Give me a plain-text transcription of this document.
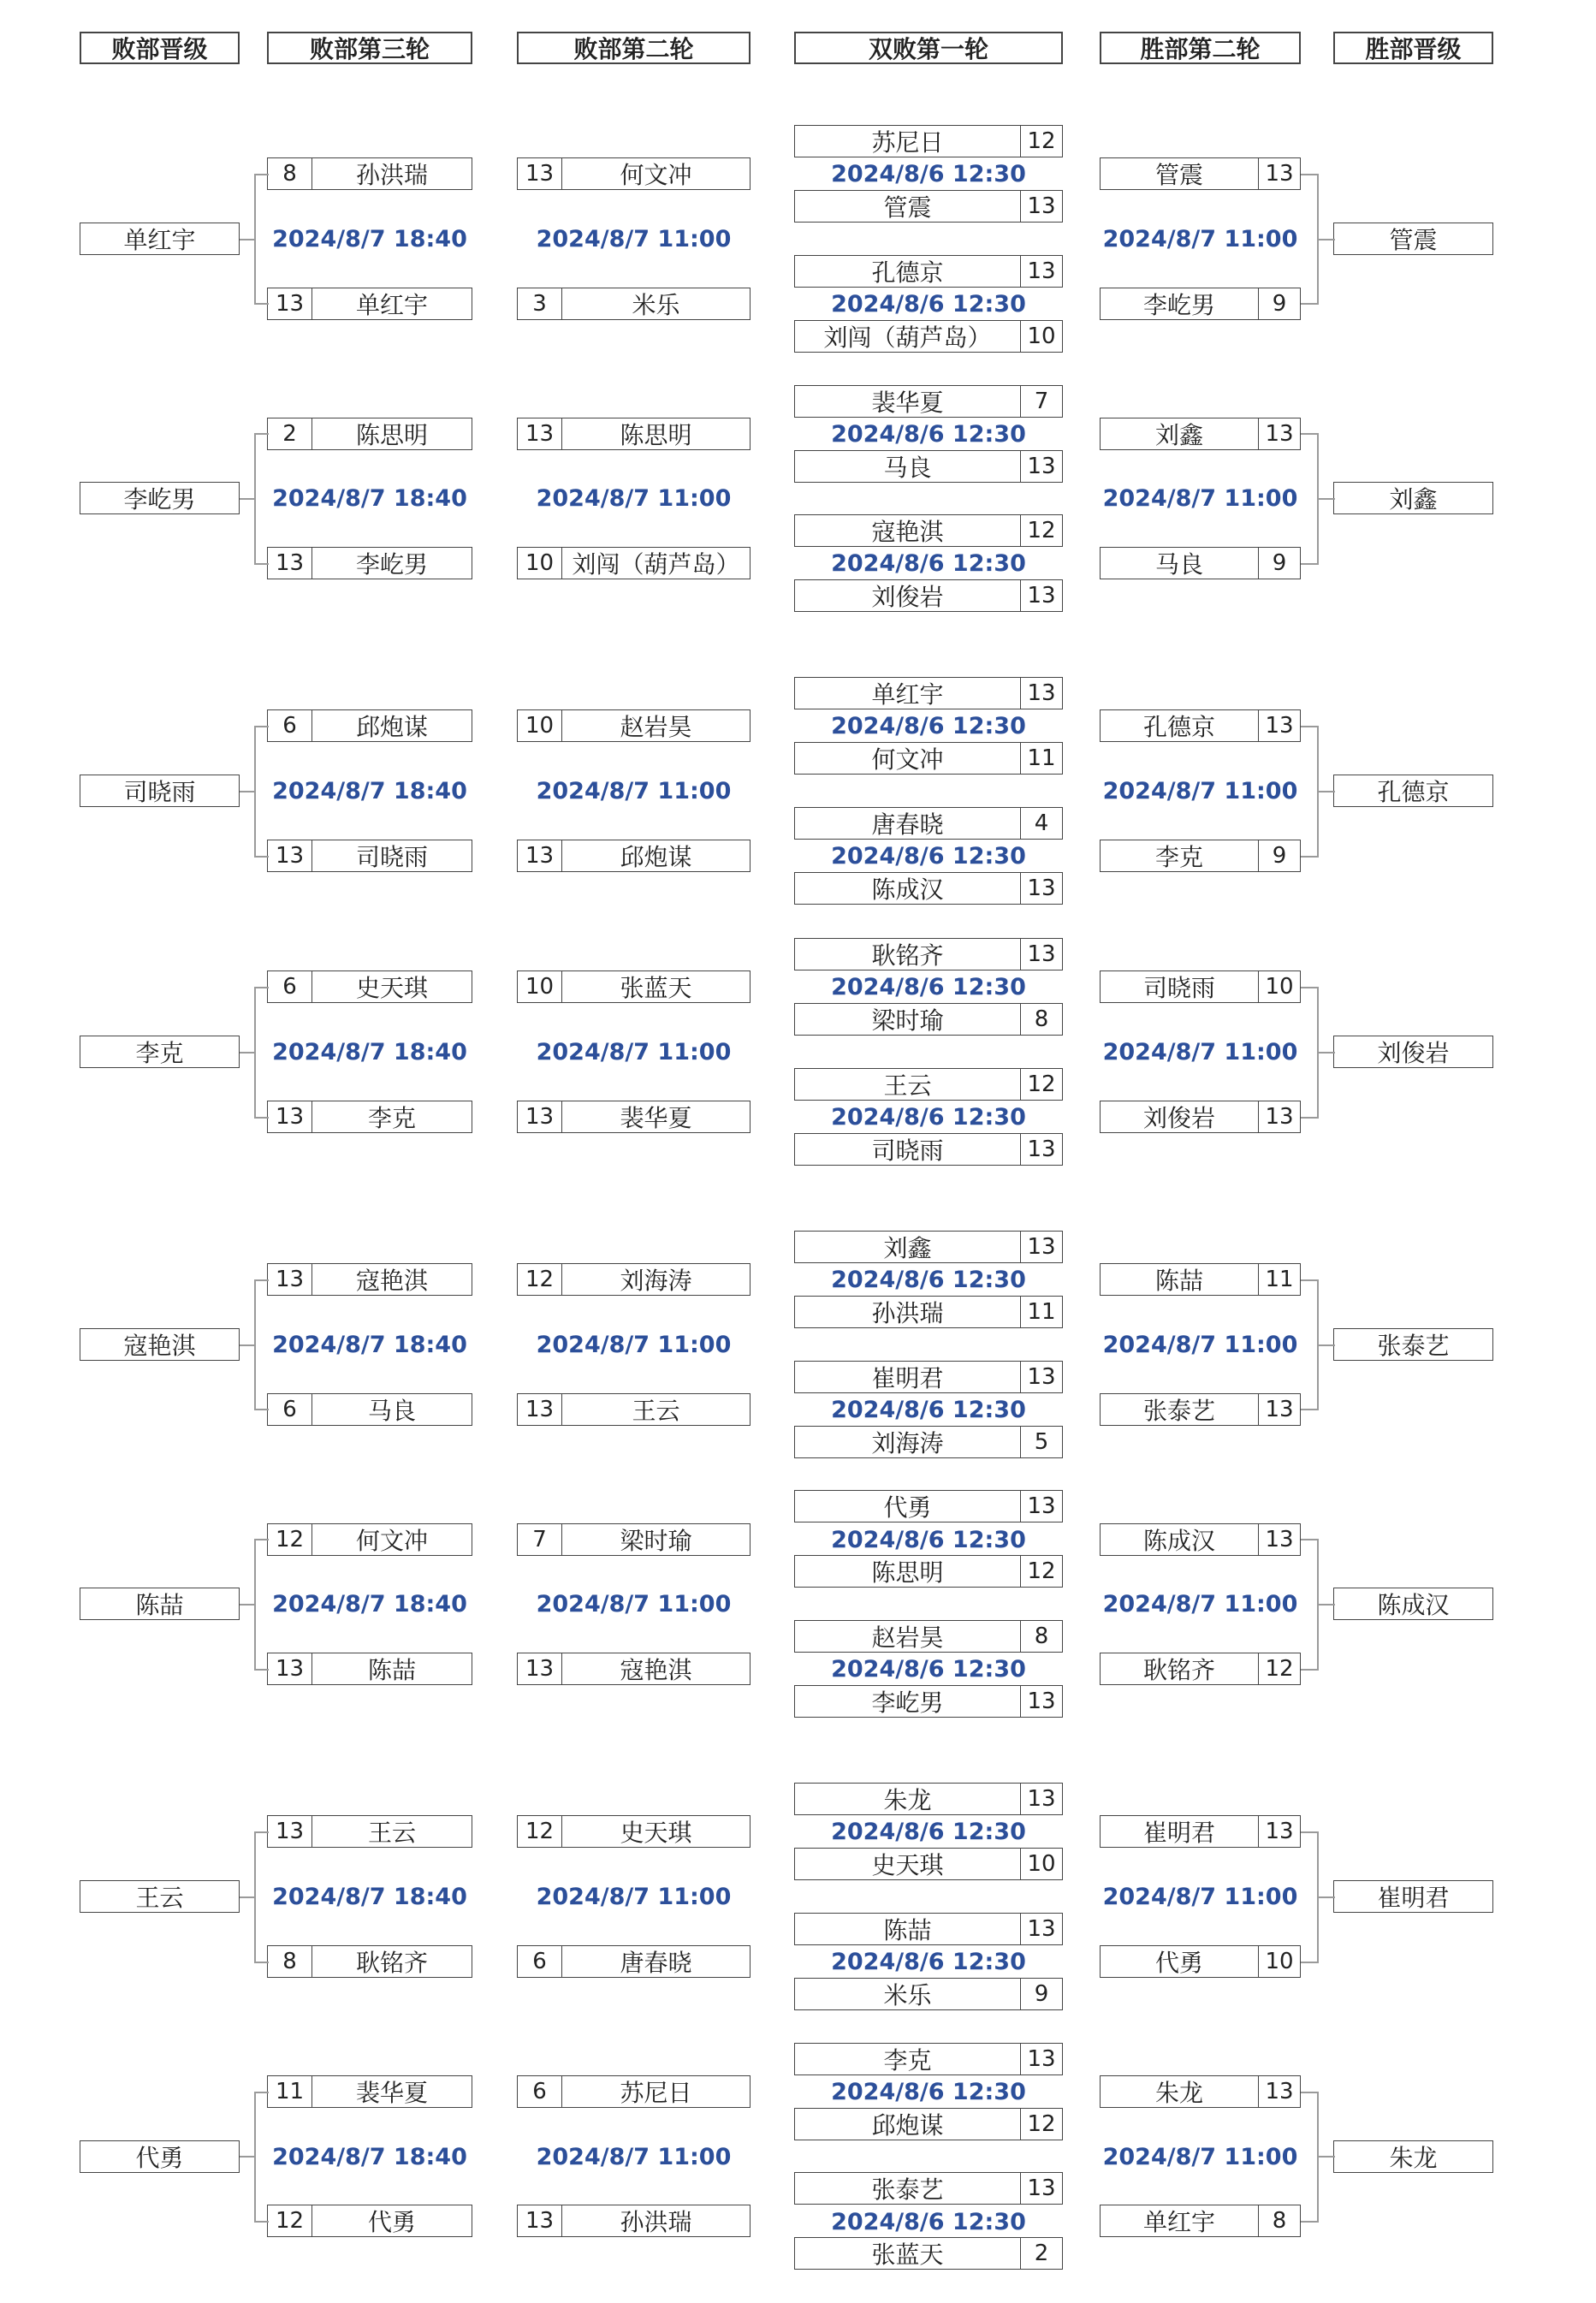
败部晋级	败部第三轮	败部第二轮	双败第一轮	胜部第二轮	胜部晋级
苏尼日	12
2024/8/6 12:30
管震	13
孔德京	13
2024/8/6 12:30
刘闯（葫芦岛）	10
管震	13
2024/8/7 11:00
李屹男	9
管震
13	何文冲
2024/8/7 11:00
3	米乐
8	孙洪瑞
2024/8/7 18:40
13	单红宇
单红宇
裴华夏	7
2024/8/6 12:30
马良	13
寇艳淇	12
2024/8/6 12:30
刘俊岩	13
刘鑫	13
2024/8/7 11:00
马良	9
刘鑫
13	陈思明
2024/8/7 11:00
10 刘闯（葫芦岛）
2	陈思明
2024/8/7 18:40
13	李屹男
李屹男
单红宇	13
2024/8/6 12:30
何文冲	11
唐春晓	4
2024/8/6 12:30
陈成汉	13
孔德京	13
2024/8/7 11:00
李克	9
孔德京
10	赵岩昊
2024/8/7 11:00
13	邱炮谋
6	邱炮谋
2024/8/7 18:40
13	司晓雨
司晓雨
耿铭齐	13
2024/8/6 12:30
梁时瑜	8
王云	12
2024/8/6 12:30
司晓雨	13
司晓雨	10
2024/8/7 11:00
刘俊岩	13
刘俊岩
10	张蓝天
2024/8/7 11:00
13	裴华夏
6	史天琪
2024/8/7 18:40
13	李克
李克
刘鑫	13
2024/8/6 12:30
孙洪瑞	11
崔明君	13
2024/8/6 12:30
刘海涛	5
陈喆	11
2024/8/7 11:00
张泰艺	13
张泰艺
12	刘海涛
2024/8/7 11:00
13	王云
13	寇艳淇
2024/8/7 18:40
6	马良
寇艳淇
代勇	13
2024/8/6 12:30
陈思明	12
赵岩昊	8
2024/8/6 12:30
李屹男	13
陈成汉	13
2024/8/7 11:00
耿铭齐	12
陈成汉
7	梁时瑜
2024/8/7 11:00
13	寇艳淇
12	何文冲
2024/8/7 18:40
13	陈喆
陈喆
朱龙	13
2024/8/6 12:30
史天琪	10
陈喆	13
2024/8/6 12:30
米乐	9
崔明君	13
2024/8/7 11:00
代勇	10
崔明君
12	史天琪
2024/8/7 11:00
6	唐春晓
13	王云
2024/8/7 18:40
8	耿铭齐
王云
李克	13
2024/8/6 12:30
邱炮谋	12
张泰艺	13
2024/8/6 12:30
张蓝天	2
朱龙	13
2024/8/7 11:00
单红宇	8
朱龙
6	苏尼日
2024/8/7 11:00
13	孙洪瑞
11	裴华夏
2024/8/7 18:40
12	代勇
代勇
